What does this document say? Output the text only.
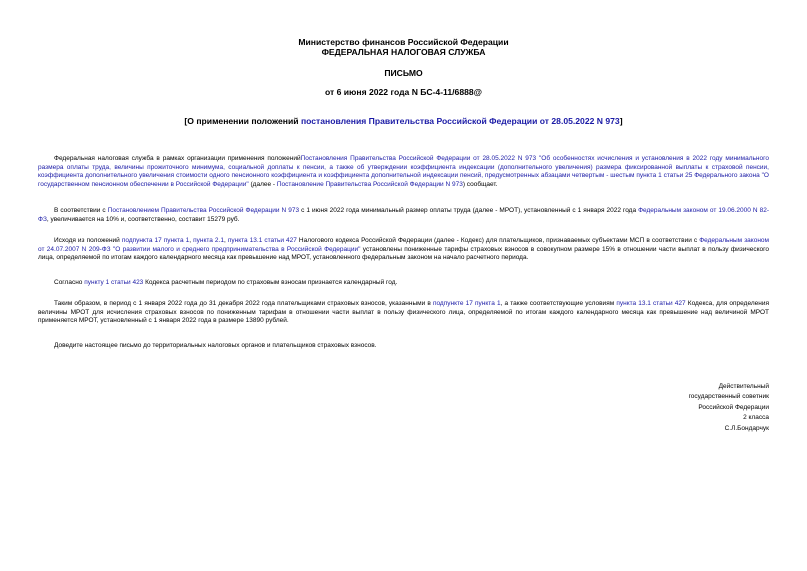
Министерство финансов Российской Федерации
ФЕДЕРАЛЬНАЯ НАЛОГОВАЯ СЛУЖБА
ПИСЬМО
от 6 июня 2022 года N БС-4-11/6888@
[О применении положений постановления Правительства Российской Федерации от 28.05.2022 N 973]

Федеральная налоговая служба в рамках организации применения положенийПостановления Правительства Российской Федерации от 28.05.2022 N 973 "Об особенностях исчисления и установления в 2022 году минимального размера оплаты труда, величины прожиточного минимума, социальной доплаты к пенсии, а также об утверждении коэффициента индексации (дополнительного увеличения) размера фиксированной выплаты к страховой пенсии, коэффициента дополнительного увеличения стоимости одного пенсионного коэффициента и коэффициента дополнительной индексации пенсий, предусмотренных абзацами четвертым - шестым пункта 1 статьи 25 Федерального закона "О государственном пенсионном обеспечении в Российской Федерации" (далее - Постановление Правительства Российской Федерации N 973) сообщает.

В соответствии с Постановлением Правительства Российской Федерации N 973 с 1 июня 2022 года минимальный размер оплаты труда (далее - МРОТ), установленный с 1 января 2022 года Федеральным законом от 19.06.2000 N 82-ФЗ, увеличивается на 10% и, соответственно, составит 15279 руб.

Исходя из положений подпункта 17 пункта 1, пункта 2.1, пункта 13.1 статьи 427 Налогового кодекса Российской Федерации (далее - Кодекс) для плательщиков, признаваемых субъектами МСП в соответствии с Федеральным законом от 24.07.2007 N 209-ФЗ "О развитии малого и среднего предпринимательства в Российской Федерации" установлены пониженные тарифы страховых взносов в совокупном размере 15% в отношении части выплат в пользу физического лица, определяемой по итогам каждого календарного месяца как превышение над МРОТ, установленного федеральным законом на начало расчетного периода.

Согласно пункту 1 статьи 423 Кодекса расчетным периодом по страховым взносам признается календарный год.

Таким образом, в период с 1 января 2022 года до 31 декабря 2022 года плательщиками страховых взносов, указанными в подпункте 17 пункта 1, а также соответствующие условиям пункта 13.1 статьи 427 Кодекса, для определения величины МРОТ для исчисления страховых взносов по пониженным тарифам в отношении части выплат в пользу физического лица, определяемой по итогам каждого календарного месяца как превышение над величиной МРОТ применяется МРОТ, установленный с 1 января 2022 года в размере 13890 рублей.

Доведите настоящее письмо до территориальных налоговых органов и плательщиков страховых взносов.

Действительный
государственный советник
Российской Федерации
2 класса
С.Л.Бондарчук
